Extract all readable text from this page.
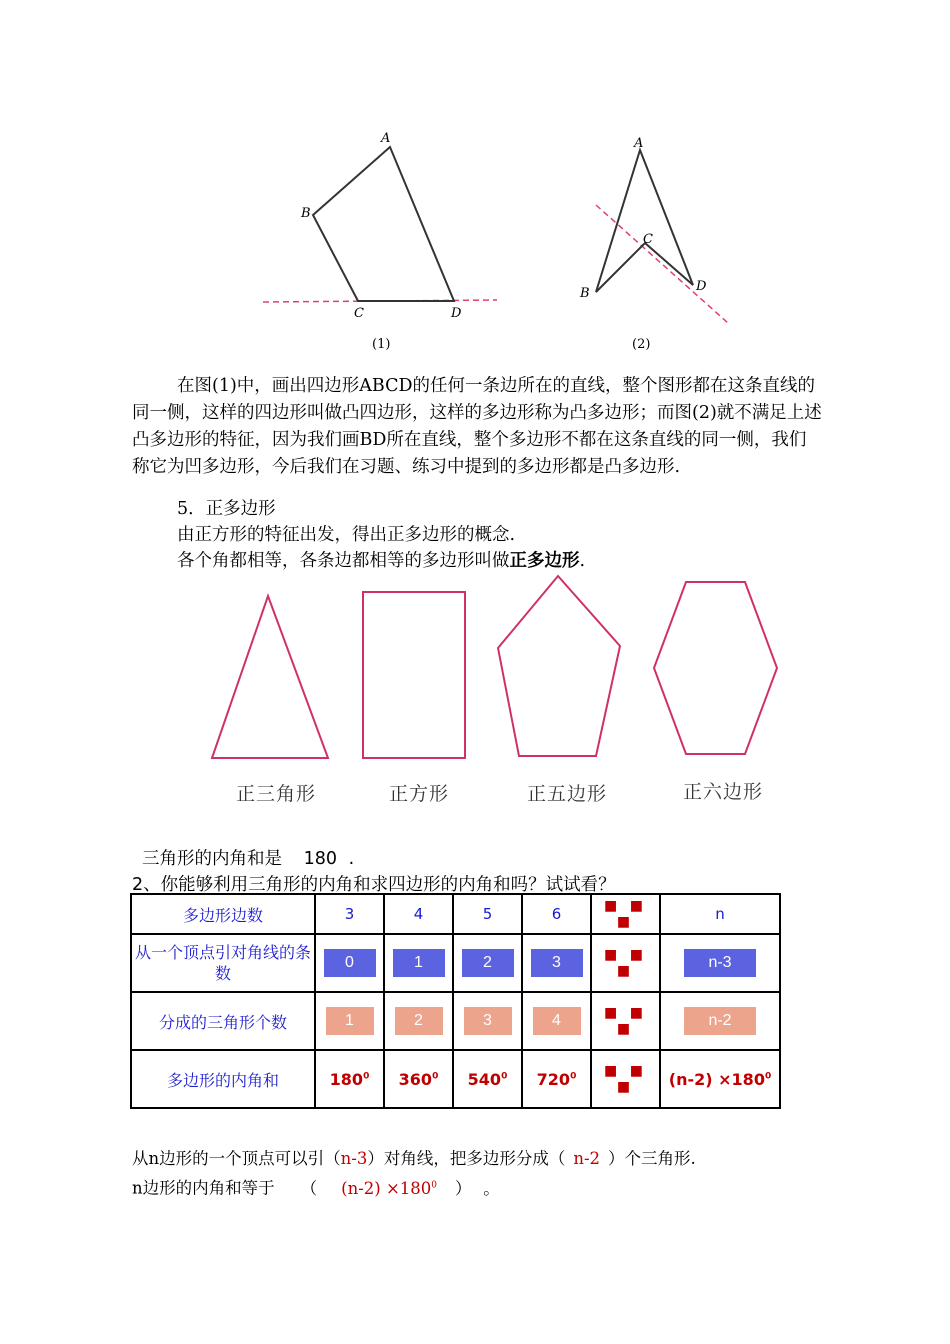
A
B
C	D
(1)
A
B
C
D
(2)
在图(1)中，画出四边形ABCD的任何一条边所在的直线，整个图形都在这条直线的同一侧，这样的四边形叫做凸四边形，这样的多边形称为凸多边形；而图(2)就不满足上述凸多边形的特征，因为我们画BD所在直线，整个多边形不都在这条直线的同一侧，我们称它为凹多边形，今后我们在习题、练习中提到的多边形都是凸多边形.
5．正多边形
由正方形的特征出发，得出正多边形的概念.
各个角都相等，各条边都相等的多边形叫做正多边形.
正三角形	正方形	正五边形	正六边形
三角形的内角和是 180 .
2、你能够利用三角形的内角和求四边形的内角和吗？试试看？
多边形边数	3	4	5	6	■ ■ ■	n
从一个顶点引对角线的条数	0	1	2	3	■ ■ ■	n-3
分成的三角形个数	1	2	3	4	■ ■ ■	n-2
多边形的内角和	$180^0$	$360^0$	$540^0$	$720^0$	■ ■ ■	$(n-2) \times 180^0$
从n边形的一个顶点可以引（n-3）对角线，把多边形分成（ n-2 ）个三角形.
n边形的内角和等于 （ $(n-2) \times 180^0$ ） 。
